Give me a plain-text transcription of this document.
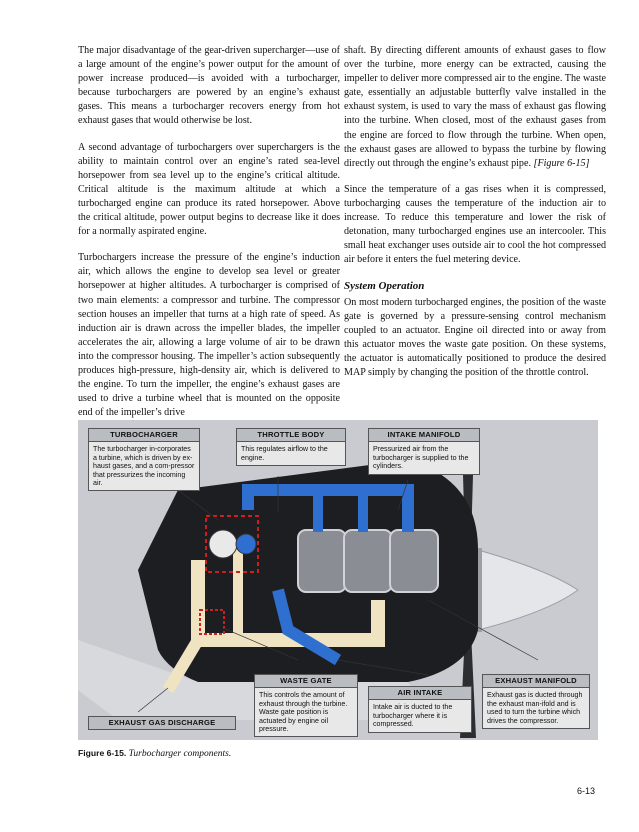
The major disadvantage of the gear-driven supercharger—use of a large amount of the engine’s power output for the amount of power increase produced—is avoided with a turbocharger, because turbochargers are powered by an engine’s exhaust gases. This means a turbocharger recovers energy from hot exhaust gases that would otherwise be lost.

A second advantage of turbochargers over superchargers is the ability to maintain control over an engine’s rated sea-level horsepower from sea level up to the engine’s critical altitude. Critical altitude is the maximum altitude at which a turbocharged engine can produce its rated horsepower. Above the critical altitude, power output begins to decrease like it does for a normally aspirated engine.

Turbochargers increase the pressure of the engine’s induction air, which allows the engine to develop sea level or greater horsepower at higher altitudes. A turbocharger is comprised of two main elements: a compressor and turbine. The compressor section houses an impeller that turns at a high rate of speed. As induction air is drawn across the impeller blades, the impeller accelerates the air, allowing a large volume of air to be drawn into the compressor housing. The impeller’s action subsequently produces high-pressure, high-density air, which is delivered to the engine. To turn the impeller, the engine’s exhaust gases are used to drive a turbine wheel that is mounted on the opposite end of the impeller’s drive

shaft. By directing different amounts of exhaust gases to flow over the turbine, more energy can be extracted, causing the impeller to deliver more compressed air to the engine. The waste gate, essentially an adjustable butterfly valve installed in the exhaust system, is used to vary the mass of exhaust gas flowing into the turbine. When closed, most of the exhaust gases from the engine are forced to flow through the turbine. When open, the exhaust gases are allowed to bypass the turbine by flowing directly out through the engine’s exhaust pipe. [Figure 6-15]

Since the temperature of a gas rises when it is compressed, turbocharging causes the temperature of the induction air to increase. To reduce this temperature and lower the risk of detonation, many turbocharged engines use an intercooler. This small heat exchanger uses outside air to cool the hot compressed air before it enters the fuel metering device.

System Operation

On most modern turbocharged engines, the position of the waste gate is governed by a pressure-sensing control mechanism coupled to an actuator. Engine oil directed into or away from this actuator moves the waste gate position. On these systems, the actuator is automatically positioned to produce the desired MAP simply by changing the position of the throttle control.

TURBOCHARGER
The turbocharger in-corporates a turbine, which is driven by ex-haust gases, and a com-pressor that pressurizes the incoming air.
THROTTLE BODY
This regulates airflow to the engine.
INTAKE MANIFOLD
Pressurized air from the turbocharger is supplied to the cylinders.
WASTE GATE
This controls the amount of exhaust through the turbine. Waste gate position is actuated by engine oil pressure.
AIR INTAKE
Intake air is ducted to the turbocharger where it is compressed.
EXHAUST MANIFOLD
Exhaust gas is ducted through the exhaust man-ifold and is used to turn the turbine which drives the compressor.
EXHAUST GAS DISCHARGE
Figure 6-15. Turbocharger components.
6-13
